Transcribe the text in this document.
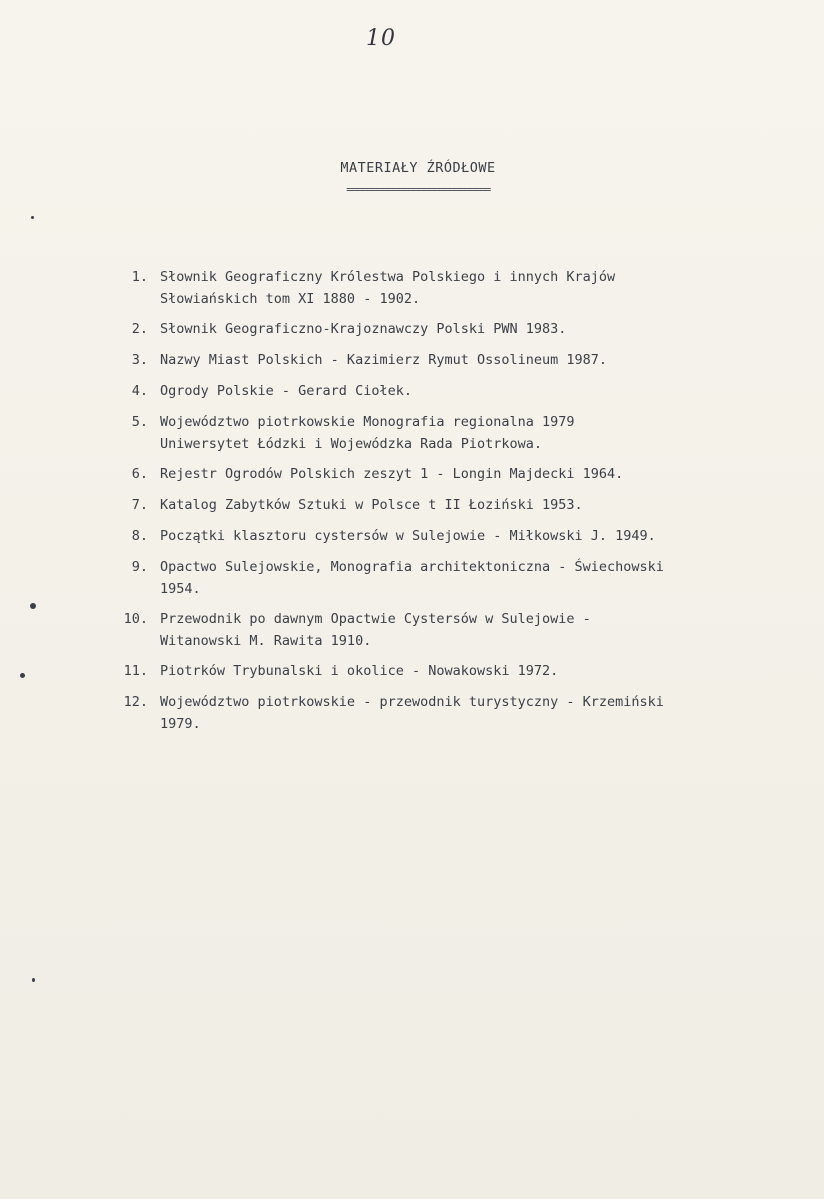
10
MATERIAŁY ŹRÓDŁOWE
============================
1. Słownik Geograficzny Królestwa Polskiego i innych Krajów
Słowiańskich tom XI 1880 - 1902.
2. Słownik Geograficzno-Krajoznawczy Polski PWN 1983.
3. Nazwy Miast Polskich - Kazimierz Rymut Ossolineum 1987.
4. Ogrody Polskie - Gerard Ciołek.
5. Województwo piotrkowskie Monografia regionalna 1979
Uniwersytet Łódzki i Wojewódzka Rada Piotrkowa.
6. Rejestr Ogrodów Polskich zeszyt 1 - Longin Majdecki 1964.
7. Katalog Zabytków Sztuki w Polsce t II Łoziński 1953.
8. Początki klasztoru cystersów w Sulejowie - Miłkowski J. 1949.
9. Opactwo Sulejowskie, Monografia architektoniczna - Świechowski
1954.
10. Przewodnik po dawnym Opactwie Cystersów w Sulejowie -
Witanowski M. Rawita 1910.
11. Piotrków Trybunalski i okolice - Nowakowski 1972.
12. Województwo piotrkowskie - przewodnik turystyczny - Krzemiński
1979.
